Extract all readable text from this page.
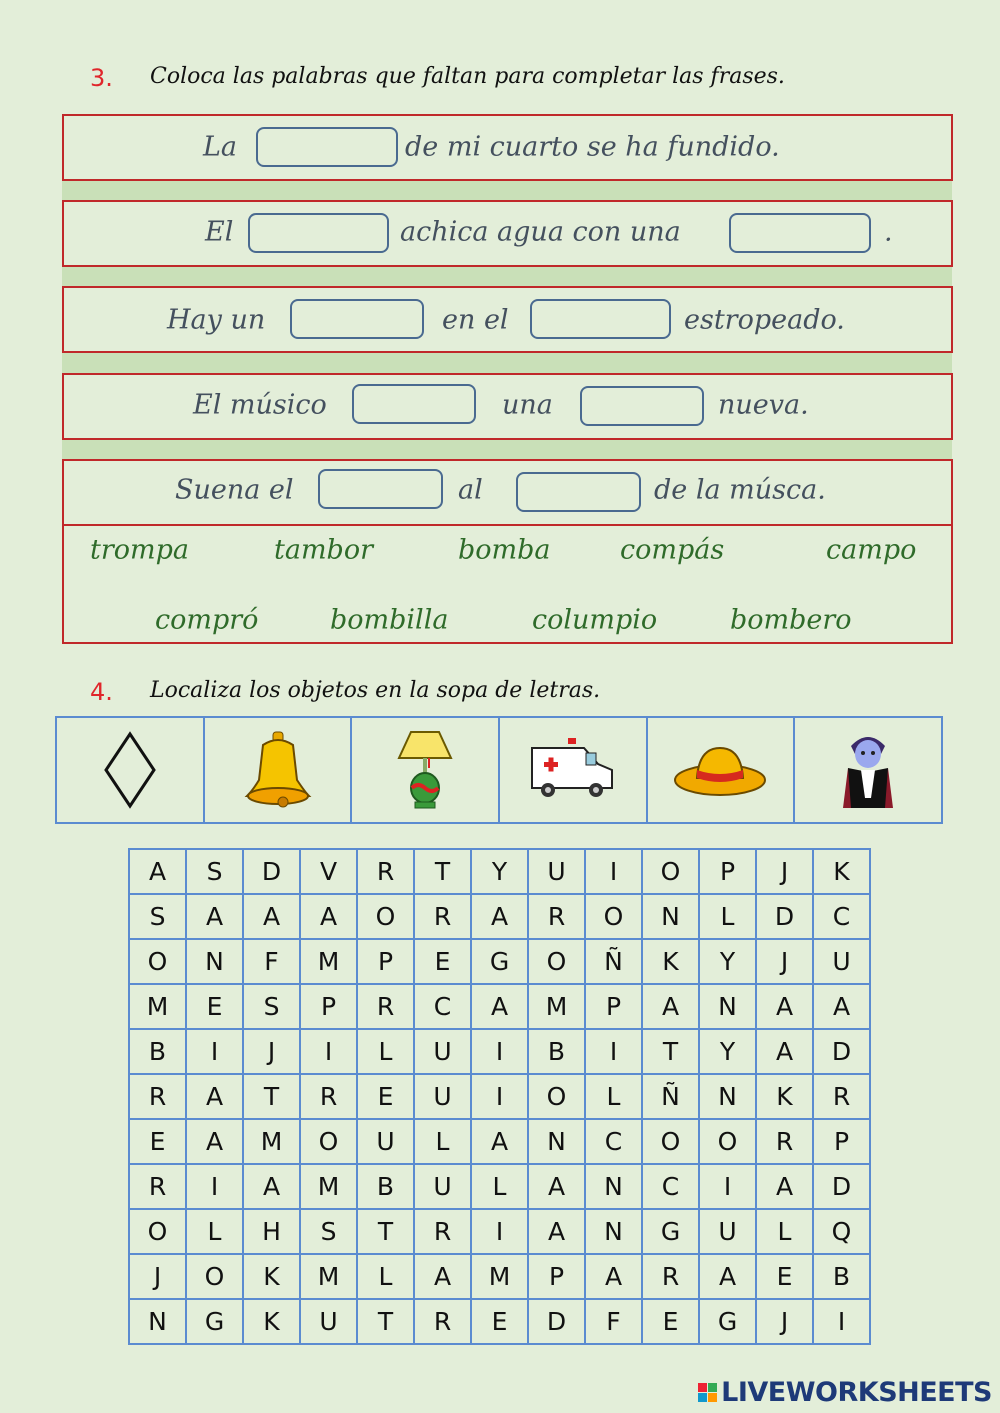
3. Coloca las palabras que faltan para completar las frases.
La	de mi cuarto se ha fundido.
El	achica agua con una	.
Hay un	en el	estropeado.
El músico	una	nueva.
Suena el	al	de la músca.
trompa	tambor	bomba	compás	campo
compró	bombilla	columpio	bombero
4. Localiza los objetos en la sopa de letras.
A	S	D	V	R	T	Y	U	I	O	P	J	K
S	A	A	A	O	R	A	R	O	N	L	D	C
O	N	F	M	P	E	G	O	Ñ	K	Y	J	U
M	E	S	P	R	C	A	M	P	A	N	A	A
B	I	J	I	L	U	I	B	I	T	Y	A	D
R	A	T	R	E	U	I	O	L	Ñ	N	K	R
E	A	M	O	U	L	A	N	C	O	O	R	P
R	I	A	M	B	U	L	A	N	C	I	A	D
O	L	H	S	T	R	I	A	N	G	U	L	Q
J	O	K	M	L	A	M	P	A	R	A	E	B
N	G	K	U	T	R	E	D	F	E	G	J	I
LIVEWORKSHEETS
